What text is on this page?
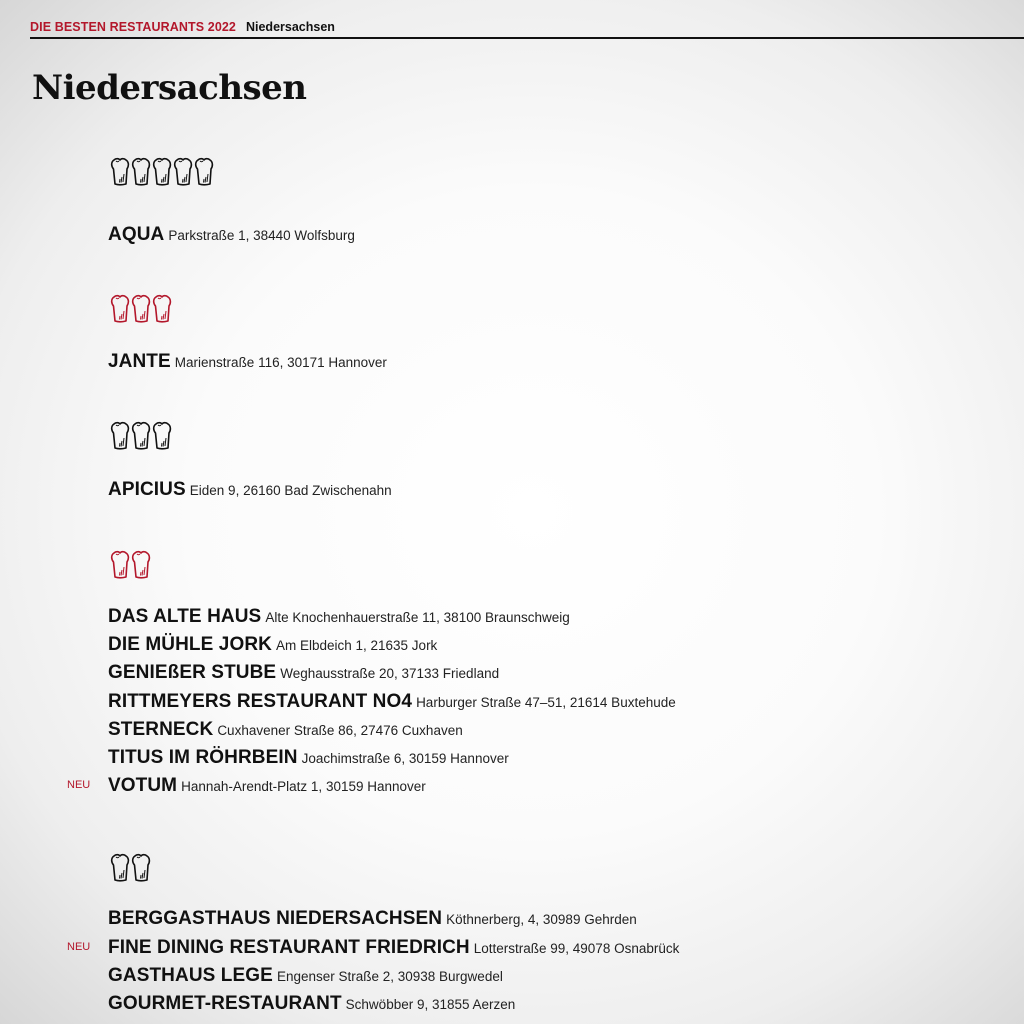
DIE BESTEN RESTAURANTS 2022 Niedersachsen
Niedersachsen
AQUA Parkstraße 1, 38440 Wolfsburg
JANTE Marienstraße 116, 30171 Hannover
APICIUS Eiden 9, 26160 Bad Zwischenahn
DAS ALTE HAUS Alte Knochenhauerstraße 11, 38100 Braunschweig
DIE MÜHLE JORK Am Elbdeich 1, 21635 Jork
GENIEßER STUBE Weghausstraße 20, 37133 Friedland
RITTMEYERS RESTAURANT NO4 Harburger Straße 47–51, 21614 Buxtehude
STERNECK Cuxhavener Straße 86, 27476 Cuxhaven
TITUS IM RÖHRBEIN Joachimstraße 6, 30159 Hannover
NEU VOTUM Hannah-Arendt-Platz 1, 30159 Hannover
BERGGASTHAUS NIEDERSACHSEN Köthnerberg, 4, 30989 Gehrden
NEU FINE DINING RESTAURANT FRIEDRICH Lotterstraße 99, 49078 Osnabrück
GASTHAUS LEGE Engenser Straße 2, 30938 Burgwedel
GOURMET-RESTAURANT Schwöbber 9, 31855 Aerzen
